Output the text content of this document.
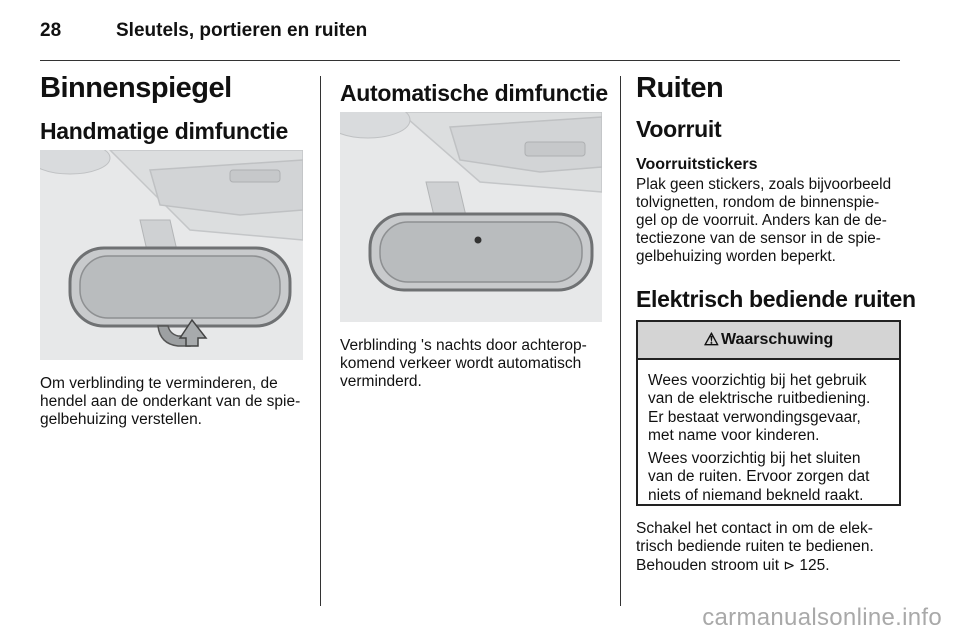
28	Sleutels, portieren en ruiten
Binnenspiegel
Handmatige dimfunctie
Om verblinding te verminderen, de
hendel aan de onderkant van de spie-
gelbehuizing verstellen.
Automatische dimfunctie
Verblinding 's nachts door achterop-
komend verkeer wordt automatisch
verminderd.
Ruiten
Voorruit
Voorruitstickers
Plak geen stickers, zoals bijvoorbeeld
tolvignetten, rondom de binnenspie-
gel op de voorruit. Anders kan de de-
tectiezone van de sensor in de spie-
gelbehuizing worden beperkt.
Elektrisch bediende ruiten
⚠ Waarschuwing
Wees voorzichtig bij het gebruik
van de elektrische ruitbediening.
Er bestaat verwondingsgevaar,
met name voor kinderen.
Wees voorzichtig bij het sluiten
van de ruiten. Ervoor zorgen dat
niets of niemand bekneld raakt.
Schakel het contact in om de elek-
trisch bediende ruiten te bedienen.
Behouden stroom uit ⊳ 125.
carmanualsonline.info
